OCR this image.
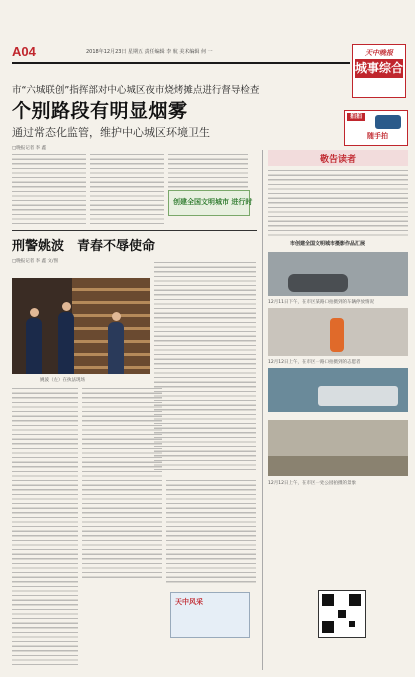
A04	2018年12月23日 星期五 责任编辑 李 航 美术编辑 何 一	天中晚报
城事综合
市“六城联创”指挥部对中心城区夜市烧烤摊点进行督导检查
个别路段有明显烟雾
通过常态化监管，维护中心城区环境卫生
□晚报记者 李 鑫
拍拍
随手拍
创建全国文明城市 进行时
刑警姚波　青春不辱使命
□晚报记者 李 鑫 文/图
姚波（左）在执法现场
天中风采
敬告读者
市创建全国文明城市摄影作品汇展
12月11日下午，在市区某路口拍摄到的车辆停放情况
12月12日上午，在市区一路口拍摄到的志愿者
12月12日上午，在市区一处公园拍摄的景象
